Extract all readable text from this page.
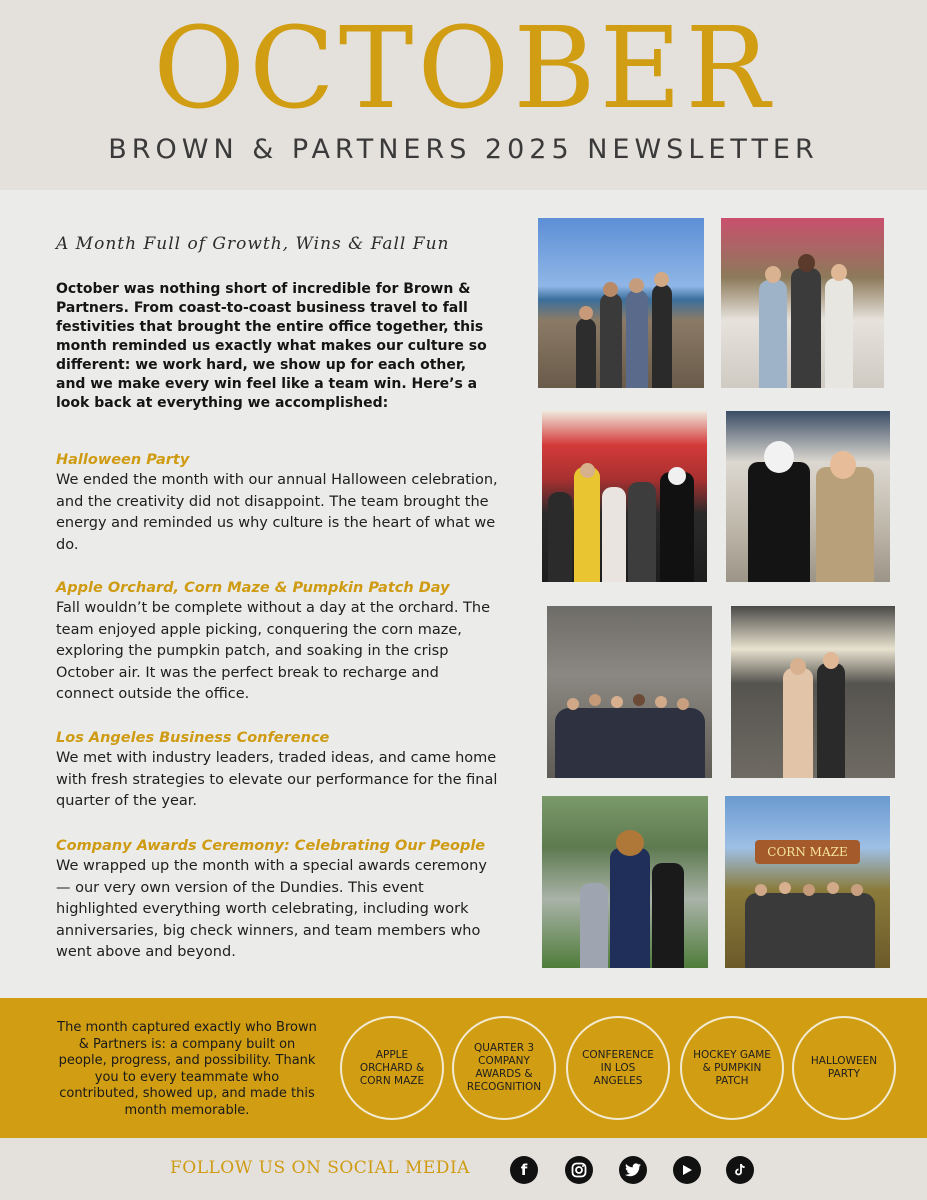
OCTOBER
BROWN & PARTNERS 2025 NEWSLETTER
A Month Full of Growth, Wins & Fall Fun
October was nothing short of incredible for Brown & Partners. From coast-to-coast business travel to fall festivities that brought the entire office together, this month reminded us exactly what makes our culture so different: we work hard, we show up for each other, and we make every win feel like a team win. Here’s a look back at everything we accomplished:
Halloween Party
We ended the month with our annual Halloween celebration, and the creativity did not disappoint. The team brought the energy and reminded us why culture is the heart of what we do.
Apple Orchard, Corn Maze & Pumpkin Patch Day
Fall wouldn’t be complete without a day at the orchard. The team enjoyed apple picking, conquering the corn maze, exploring the pumpkin patch, and soaking in the crisp October air. It was the perfect break to recharge and connect outside the office.
Los Angeles Business Conference
We met with industry leaders, traded ideas, and came home with fresh strategies to elevate our performance for the final quarter of the year.
Company Awards Ceremony: Celebrating Our People
We wrapped up the month with a special awards ceremony — our very own version of the Dundies. This event highlighted everything worth celebrating, including work anniversaries, big check winners, and team members who went above and beyond.
CORN MAZE
The month captured exactly who Brown & Partners is: a company built on people, progress, and possibility. Thank you to every teammate who contributed, showed up, and made this month memorable.
APPLE ORCHARD & CORN MAZE
QUARTER 3 COMPANY AWARDS & RECOGNITION
CONFERENCE IN LOS ANGELES
HOCKEY GAME & PUMPKIN PATCH
HALLOWEEN PARTY
FOLLOW US ON SOCIAL MEDIA	f
